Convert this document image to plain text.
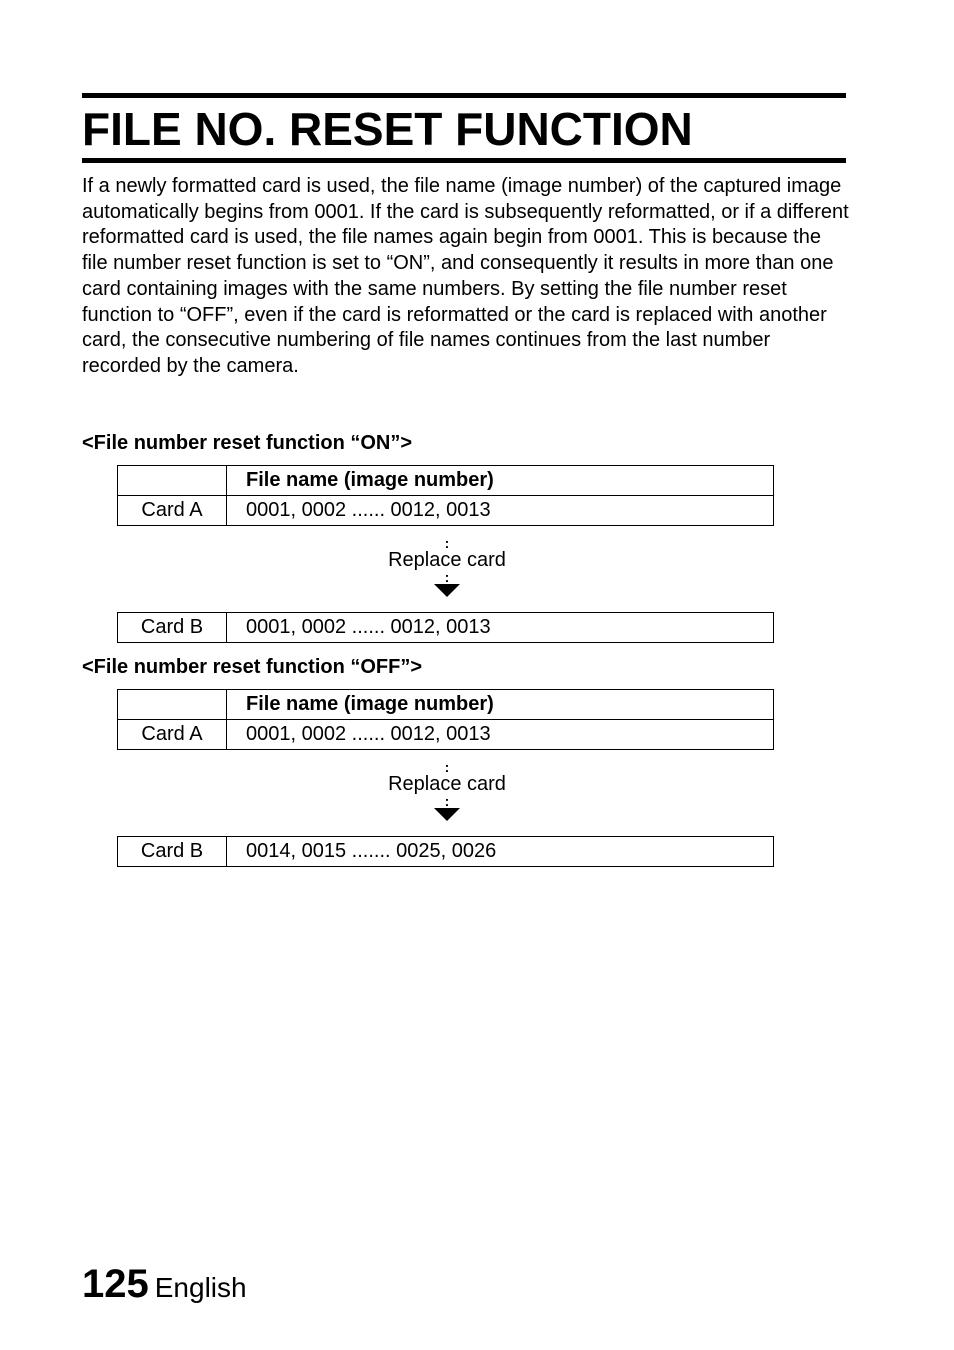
FILE NO. RESET FUNCTION

If a newly formatted card is used, the file name (image number) of the captured image automatically begins from 0001. If the card is subsequently reformatted, or if a different reformatted card is used, the file names again begin from 0001. This is because the file number reset function is set to “ON”, and consequently it results in more than one card containing images with the same numbers. By setting the file number reset function to “OFF”, even if the card is reformatted or the card is replaced with another card, the consecutive numbering of file names continues from the last number recorded by the camera.

<File number reset function “ON”>

	File name (image number)
Card A	0001, 0002 ...... 0012, 0013
:
Replace card
:
Card B	0001, 0002 ...... 0012, 0013

<File number reset function “OFF”>

	File name (image number)
Card A	0001, 0002 ...... 0012, 0013
:
Replace card
:
Card B	0014, 0015 ....... 0025, 0026
125 English
